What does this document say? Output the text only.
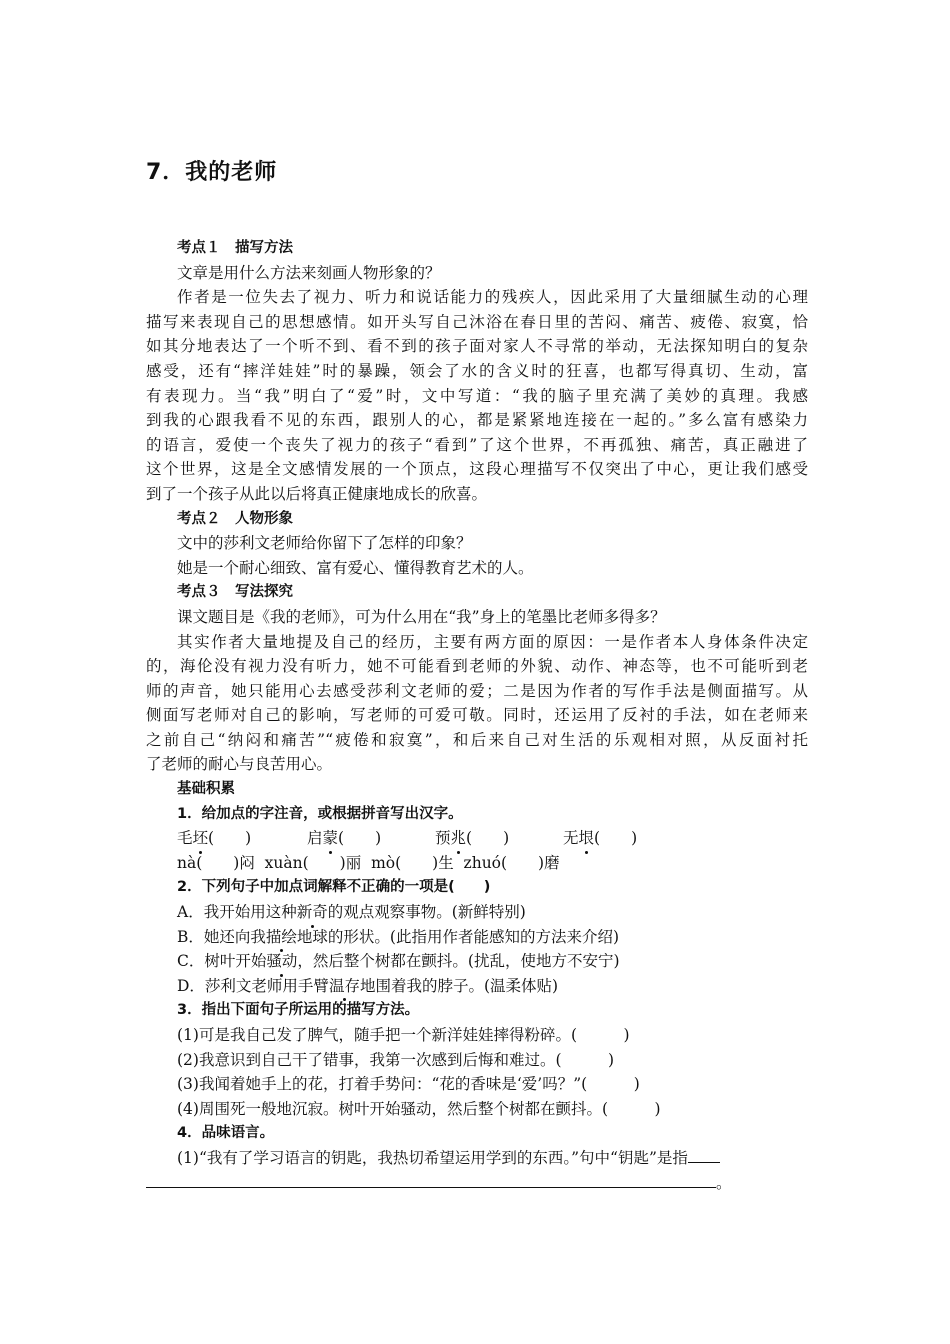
7．我的老师
考点１　描写方法
文章是用什么方法来刻画人物形象的？
作者是一位失去了视力、听力和说话能力的残疾人，因此采用了大量细腻生动的心理
描写来表现自己的思想感情。如开头写自己沐浴在春日里的苦闷、痛苦、疲倦、寂寞，恰
如其分地表达了一个听不到、看不到的孩子面对家人不寻常的举动，无法探知明白的复杂
感受，还有“摔洋娃娃”时的暴躁，领会了水的含义时的狂喜，也都写得真切、生动，富
有表现力。当“我”明白了“爱”时，文中写道：“我的脑子里充满了美妙的真理。我感
到我的心跟我看不见的东西，跟别人的心，都是紧紧地连接在一起的。”多么富有感染力
的语言，爱使一个丧失了视力的孩子“看到”了这个世界，不再孤独、痛苦，真正融进了
这个世界，这是全文感情发展的一个顶点，这段心理描写不仅突出了中心，更让我们感受
到了一个孩子从此以后将真正健康地成长的欣喜。
考点２　人物形象
文中的莎利文老师给你留下了怎样的印象？
她是一个耐心细致、富有爱心、懂得教育艺术的人。
考点３　写法探究
课文题目是《我的老师》，可为什么用在“我”身上的笔墨比老师多得多？
其实作者大量地提及自己的经历，主要有两方面的原因：一是作者本人身体条件决定
的，海伦没有视力没有听力，她不可能看到老师的外貌、动作、神态等，也不可能听到老
师的声音，她只能用心去感受莎利文老师的爱；二是因为作者的写作手法是侧面描写。从
侧面写老师对自己的影响，写老师的可爱可敬。同时，还运用了反衬的手法，如在老师来
之前自己“纳闷和痛苦”“疲倦和寂寞”，和后来自己对生活的乐观相对照，从反面衬托
了老师的耐心与良苦用心。
基础积累
1．给加点的字注音，或根据拼音写出汉字。
毛坯(　　)	启蒙(　　)	预兆(　　)	无垠(　　)
nà(　　)闷  xuàn(　　)丽  mò(　　)生  zhuó(　　)磨
2．下列句子中加点词解释不正确的一项是(　　)
A．我开始用这种新奇的观点观察事物。(新鲜特别)
B．她还向我描绘地球的形状。(此指用作者能感知的方法来介绍)
C．树叶开始骚动，然后整个树都在颤抖。(扰乱，使地方不安宁)
D．莎利文老师用手臂温存地围着我的脖子。(温柔体贴)
3．指出下面句子所运用的描写方法。
(1)可是我自己发了脾气，随手把一个新洋娃娃摔得粉碎。(　　　)
(2)我意识到自己干了错事，我第一次感到后悔和难过。(　　　)
(3)我闻着她手上的花，打着手势问：“花的香味是‘爱’吗？”(　　　)
(4)周围死一般地沉寂。树叶开始骚动，然后整个树都在颤抖。(　　　)
4．品味语言。
(1)“我有了学习语言的钥匙，我热切希望运用学到的东西。”句中“钥匙”是指
。
